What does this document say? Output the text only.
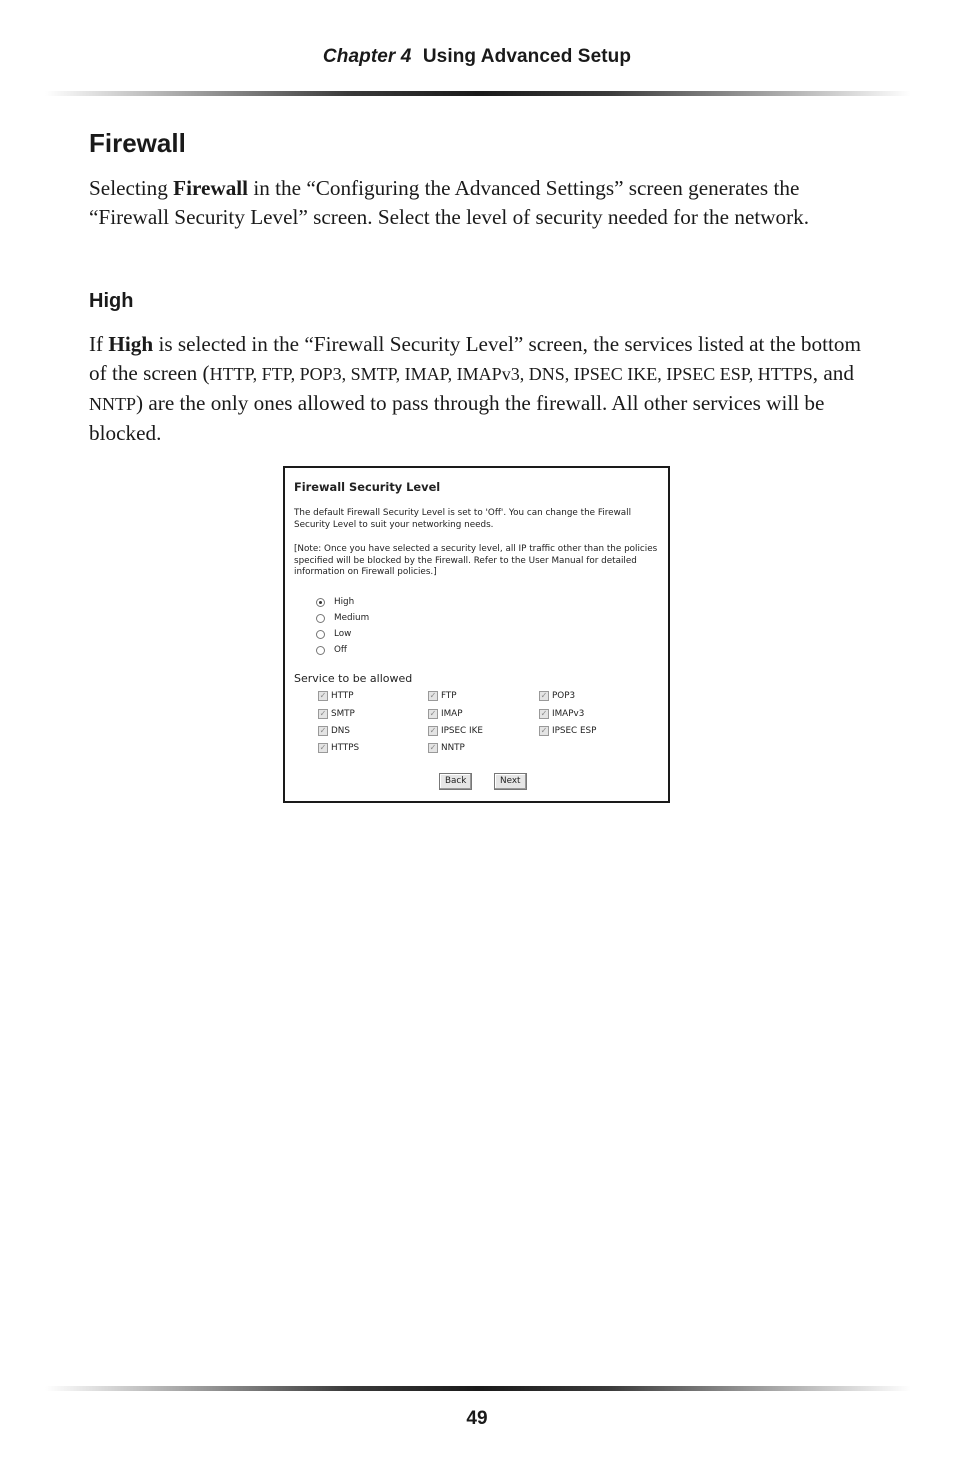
Chapter 4 Using Advanced Setup
Firewall

Selecting Firewall in the “Configuring the Advanced Settings” screen generates the “Firewall Security Level” screen. Select the level of security needed for the network.

High

If High is selected in the “Firewall Security Level” screen, the services listed at the bottom of the screen (HTTP, FTP, POP3, SMTP, IMAP, IMAPv3, DNS, IPSEC IKE, IPSEC ESP, HTTPS, and NNTP) are the only ones allowed to pass through the firewall. All other services will be blocked.

Firewall Security Level

The default Firewall Security Level is set to 'Off'. You can change the Firewall Security Level to suit your networking needs.

[Note: Once you have selected a security level, all IP traffic other than the policies specified will be blocked by the Firewall. Refer to the User Manual for detailed information on Firewall policies.]

High
Medium
Low
Off
Service to be allowed
✓ HTTP	✓ FTP	✓ POP3
✓ SMTP	✓ IMAP	✓ IMAPv3
✓ DNS	✓ IPSEC IKE	✓ IPSEC ESP
✓ HTTPS	✓ NNTP
Back	Next
49
